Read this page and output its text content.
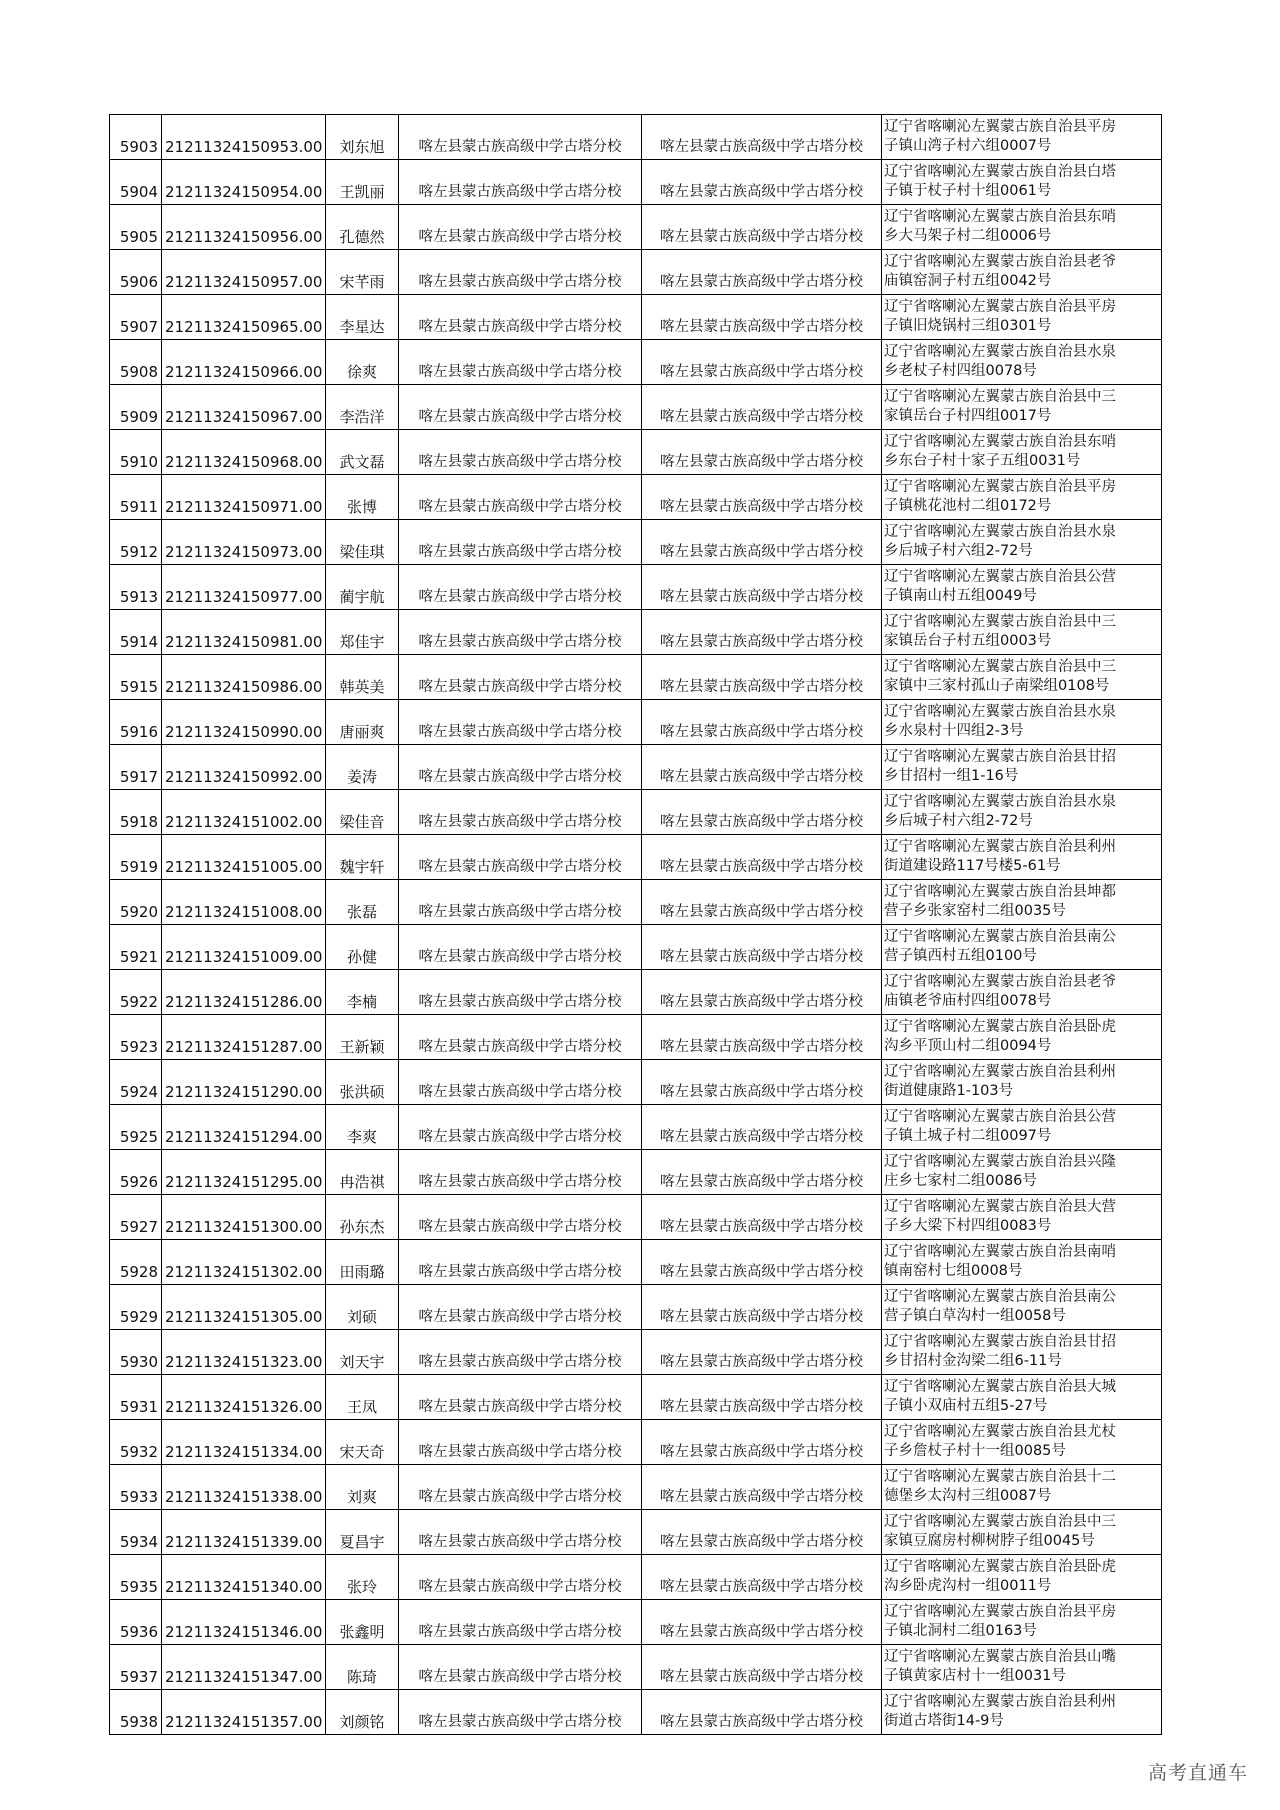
5903	21211324150953.00	刘东旭	喀左县蒙古族高级中学古塔分校	喀左县蒙古族高级中学古塔分校	辽宁省喀喇沁左翼蒙古族自治县平房
子镇山湾子村六组0007号

5904	21211324150954.00	王凯丽	喀左县蒙古族高级中学古塔分校	喀左县蒙古族高级中学古塔分校	辽宁省喀喇沁左翼蒙古族自治县白塔
子镇于杖子村十组0061号

5905	21211324150956.00	孔德然	喀左县蒙古族高级中学古塔分校	喀左县蒙古族高级中学古塔分校	辽宁省喀喇沁左翼蒙古族自治县东哨
乡大马架子村二组0006号

5906	21211324150957.00	宋芊雨	喀左县蒙古族高级中学古塔分校	喀左县蒙古族高级中学古塔分校	辽宁省喀喇沁左翼蒙古族自治县老爷
庙镇窑洞子村五组0042号

5907	21211324150965.00	李星达	喀左县蒙古族高级中学古塔分校	喀左县蒙古族高级中学古塔分校	辽宁省喀喇沁左翼蒙古族自治县平房
子镇旧烧锅村三组0301号

5908	21211324150966.00	徐爽	喀左县蒙古族高级中学古塔分校	喀左县蒙古族高级中学古塔分校	辽宁省喀喇沁左翼蒙古族自治县水泉
乡老杖子村四组0078号

5909	21211324150967.00	李浩洋	喀左县蒙古族高级中学古塔分校	喀左县蒙古族高级中学古塔分校	辽宁省喀喇沁左翼蒙古族自治县中三
家镇岳台子村四组0017号

5910	21211324150968.00	武文磊	喀左县蒙古族高级中学古塔分校	喀左县蒙古族高级中学古塔分校	辽宁省喀喇沁左翼蒙古族自治县东哨
乡东台子村十家子五组0031号

5911	21211324150971.00	张博	喀左县蒙古族高级中学古塔分校	喀左县蒙古族高级中学古塔分校	辽宁省喀喇沁左翼蒙古族自治县平房
子镇桃花池村二组0172号

5912	21211324150973.00	梁佳琪	喀左县蒙古族高级中学古塔分校	喀左县蒙古族高级中学古塔分校	辽宁省喀喇沁左翼蒙古族自治县水泉
乡后城子村六组2-72号

5913	21211324150977.00	蔺宇航	喀左县蒙古族高级中学古塔分校	喀左县蒙古族高级中学古塔分校	辽宁省喀喇沁左翼蒙古族自治县公营
子镇南山村五组0049号

5914	21211324150981.00	郑佳宇	喀左县蒙古族高级中学古塔分校	喀左县蒙古族高级中学古塔分校	辽宁省喀喇沁左翼蒙古族自治县中三
家镇岳台子村五组0003号

5915	21211324150986.00	韩英美	喀左县蒙古族高级中学古塔分校	喀左县蒙古族高级中学古塔分校	辽宁省喀喇沁左翼蒙古族自治县中三
家镇中三家村孤山子南梁组0108号

5916	21211324150990.00	唐丽爽	喀左县蒙古族高级中学古塔分校	喀左县蒙古族高级中学古塔分校	辽宁省喀喇沁左翼蒙古族自治县水泉
乡水泉村十四组2-3号

5917	21211324150992.00	姜涛	喀左县蒙古族高级中学古塔分校	喀左县蒙古族高级中学古塔分校	辽宁省喀喇沁左翼蒙古族自治县甘招
乡甘招村一组1-16号

5918	21211324151002.00	梁佳音	喀左县蒙古族高级中学古塔分校	喀左县蒙古族高级中学古塔分校	辽宁省喀喇沁左翼蒙古族自治县水泉
乡后城子村六组2-72号

5919	21211324151005.00	魏宇轩	喀左县蒙古族高级中学古塔分校	喀左县蒙古族高级中学古塔分校	辽宁省喀喇沁左翼蒙古族自治县利州
街道建设路117号楼5-61号

5920	21211324151008.00	张磊	喀左县蒙古族高级中学古塔分校	喀左县蒙古族高级中学古塔分校	辽宁省喀喇沁左翼蒙古族自治县坤都
营子乡张家窑村二组0035号

5921	21211324151009.00	孙健	喀左县蒙古族高级中学古塔分校	喀左县蒙古族高级中学古塔分校	辽宁省喀喇沁左翼蒙古族自治县南公
营子镇西村五组0100号

5922	21211324151286.00	李楠	喀左县蒙古族高级中学古塔分校	喀左县蒙古族高级中学古塔分校	辽宁省喀喇沁左翼蒙古族自治县老爷
庙镇老爷庙村四组0078号

5923	21211324151287.00	王新颖	喀左县蒙古族高级中学古塔分校	喀左县蒙古族高级中学古塔分校	辽宁省喀喇沁左翼蒙古族自治县卧虎
沟乡平顶山村二组0094号

5924	21211324151290.00	张洪硕	喀左县蒙古族高级中学古塔分校	喀左县蒙古族高级中学古塔分校	辽宁省喀喇沁左翼蒙古族自治县利州
街道健康路1-103号

5925	21211324151294.00	李爽	喀左县蒙古族高级中学古塔分校	喀左县蒙古族高级中学古塔分校	辽宁省喀喇沁左翼蒙古族自治县公营
子镇土城子村二组0097号

5926	21211324151295.00	冉浩祺	喀左县蒙古族高级中学古塔分校	喀左县蒙古族高级中学古塔分校	辽宁省喀喇沁左翼蒙古族自治县兴隆
庄乡七家村二组0086号

5927	21211324151300.00	孙东杰	喀左县蒙古族高级中学古塔分校	喀左县蒙古族高级中学古塔分校	辽宁省喀喇沁左翼蒙古族自治县大营
子乡大梁下村四组0083号

5928	21211324151302.00	田雨璐	喀左县蒙古族高级中学古塔分校	喀左县蒙古族高级中学古塔分校	辽宁省喀喇沁左翼蒙古族自治县南哨
镇南窑村七组0008号

5929	21211324151305.00	刘硕	喀左县蒙古族高级中学古塔分校	喀左县蒙古族高级中学古塔分校	辽宁省喀喇沁左翼蒙古族自治县南公
营子镇白草沟村一组0058号

5930	21211324151323.00	刘天宇	喀左县蒙古族高级中学古塔分校	喀左县蒙古族高级中学古塔分校	辽宁省喀喇沁左翼蒙古族自治县甘招
乡甘招村金沟梁二组6-11号

5931	21211324151326.00	王凤	喀左县蒙古族高级中学古塔分校	喀左县蒙古族高级中学古塔分校	辽宁省喀喇沁左翼蒙古族自治县大城
子镇小双庙村五组5-27号

5932	21211324151334.00	宋天奇	喀左县蒙古族高级中学古塔分校	喀左县蒙古族高级中学古塔分校	辽宁省喀喇沁左翼蒙古族自治县尤杖
子乡詹杖子村十一组0085号

5933	21211324151338.00	刘爽	喀左县蒙古族高级中学古塔分校	喀左县蒙古族高级中学古塔分校	辽宁省喀喇沁左翼蒙古族自治县十二
德堡乡太沟村三组0087号

5934	21211324151339.00	夏昌宇	喀左县蒙古族高级中学古塔分校	喀左县蒙古族高级中学古塔分校	辽宁省喀喇沁左翼蒙古族自治县中三
家镇豆腐房村柳树脖子组0045号

5935	21211324151340.00	张玲	喀左县蒙古族高级中学古塔分校	喀左县蒙古族高级中学古塔分校	辽宁省喀喇沁左翼蒙古族自治县卧虎
沟乡卧虎沟村一组0011号

5936	21211324151346.00	张鑫明	喀左县蒙古族高级中学古塔分校	喀左县蒙古族高级中学古塔分校	辽宁省喀喇沁左翼蒙古族自治县平房
子镇北洞村二组0163号

5937	21211324151347.00	陈琦	喀左县蒙古族高级中学古塔分校	喀左县蒙古族高级中学古塔分校	辽宁省喀喇沁左翼蒙古族自治县山嘴
子镇黄家店村十一组0031号

5938	21211324151357.00	刘颜铭	喀左县蒙古族高级中学古塔分校	喀左县蒙古族高级中学古塔分校	辽宁省喀喇沁左翼蒙古族自治县利州
街道古塔街14-9号
高考直通车
